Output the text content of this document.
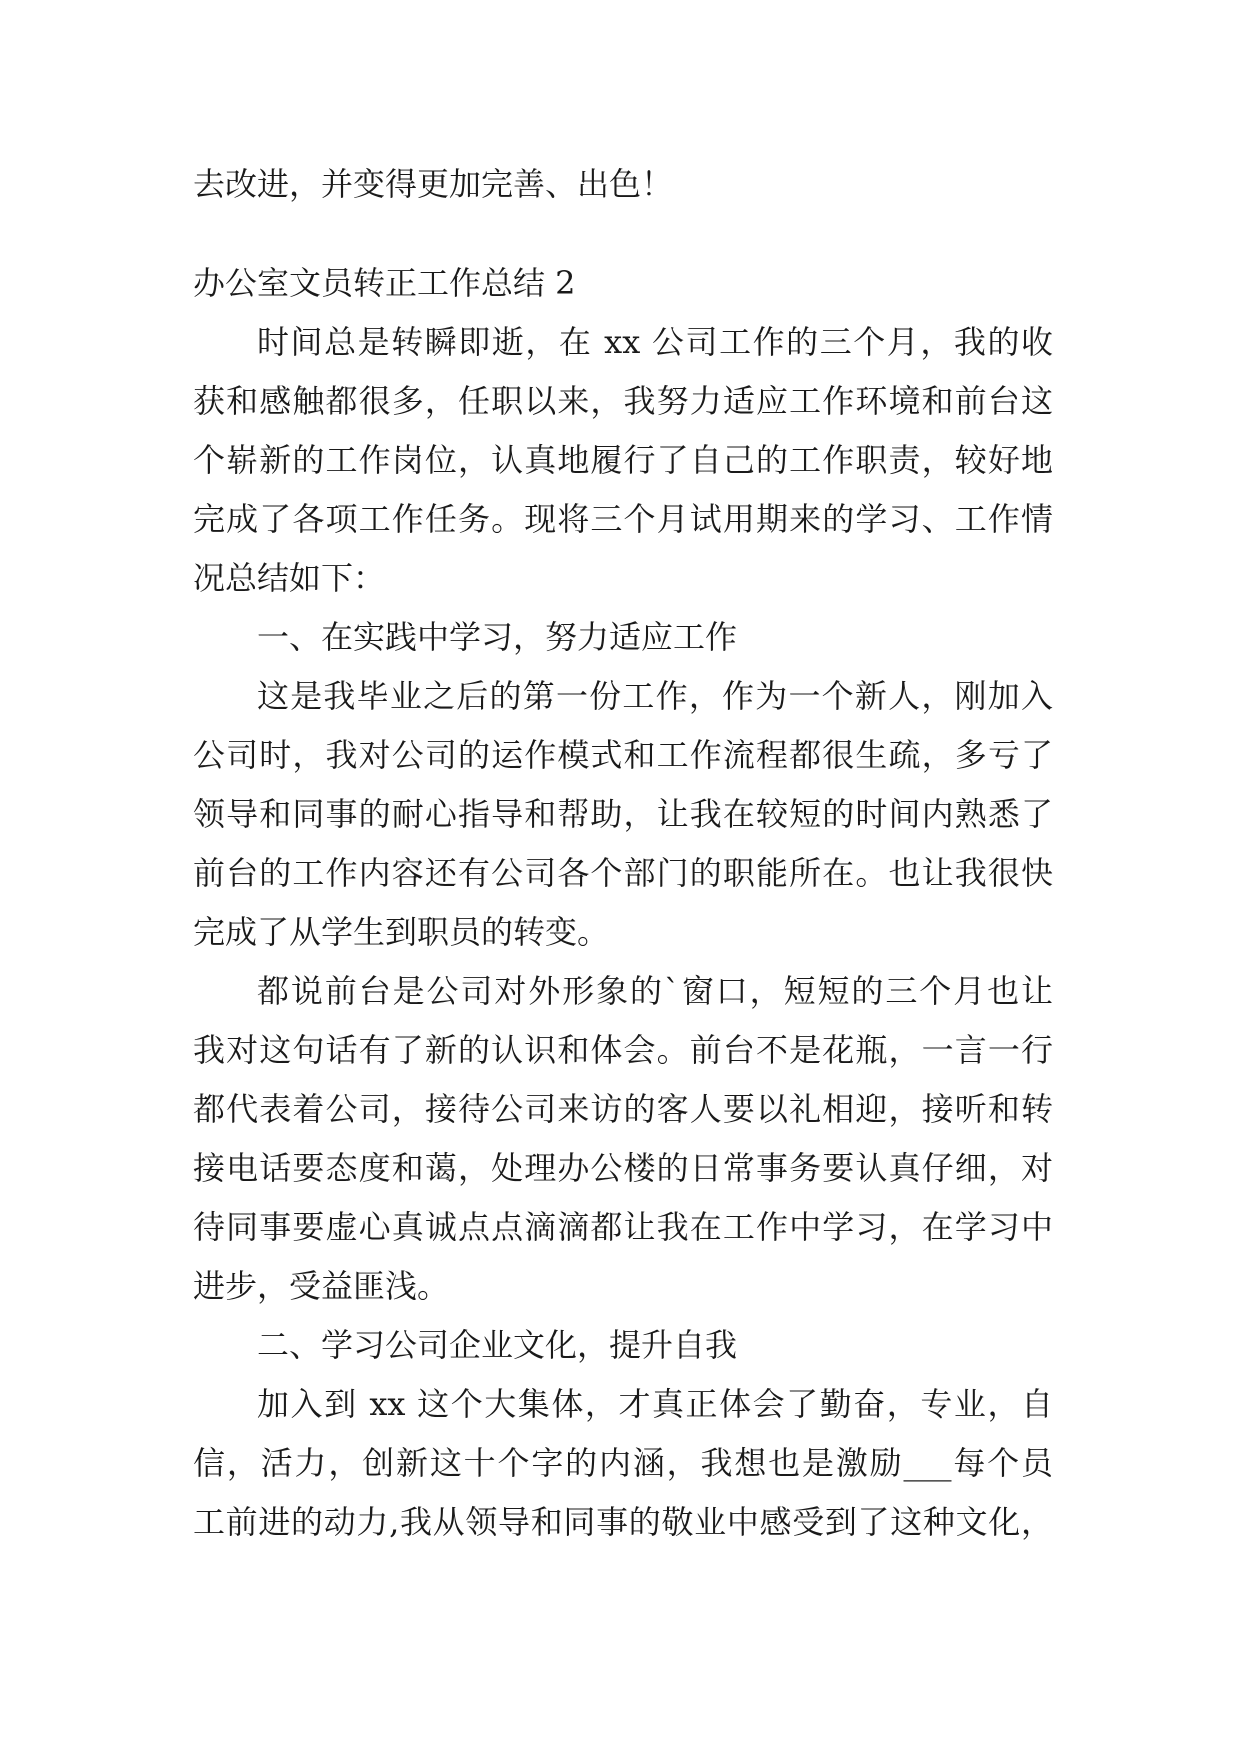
去改进，并变得更加完善、出色！
办公室文员转正工作总结 2
时间总是转瞬即逝，在 xx 公司工作的三个月，我的收
获和感触都很多，任职以来，我努力适应工作环境和前台这
个崭新的工作岗位，认真地履行了自己的工作职责，较好地
完成了各项工作任务。现将三个月试用期来的学习、工作情
况总结如下：
一、在实践中学习，努力适应工作
这是我毕业之后的第一份工作，作为一个新人，刚加入
公司时，我对公司的运作模式和工作流程都很生疏，多亏了
领导和同事的耐心指导和帮助，让我在较短的时间内熟悉了
前台的工作内容还有公司各个部门的职能所在。也让我很快
完成了从学生到职员的转变。
都说前台是公司对外形象的`窗口，短短的三个月也让
我对这句话有了新的认识和体会。前台不是花瓶，一言一行
都代表着公司，接待公司来访的客人要以礼相迎，接听和转
接电话要态度和蔼，处理办公楼的日常事务要认真仔细，对
待同事要虚心真诚点点滴滴都让我在工作中学习，在学习中
进步，受益匪浅。
二、学习公司企业文化，提升自我
加入到 xx 这个大集体，才真正体会了勤奋，专业，自
信，活力，创新这十个字的内涵，我想也是激励___每个员
工前进的动力,我从领导和同事的敬业中感受到了这种文化，
